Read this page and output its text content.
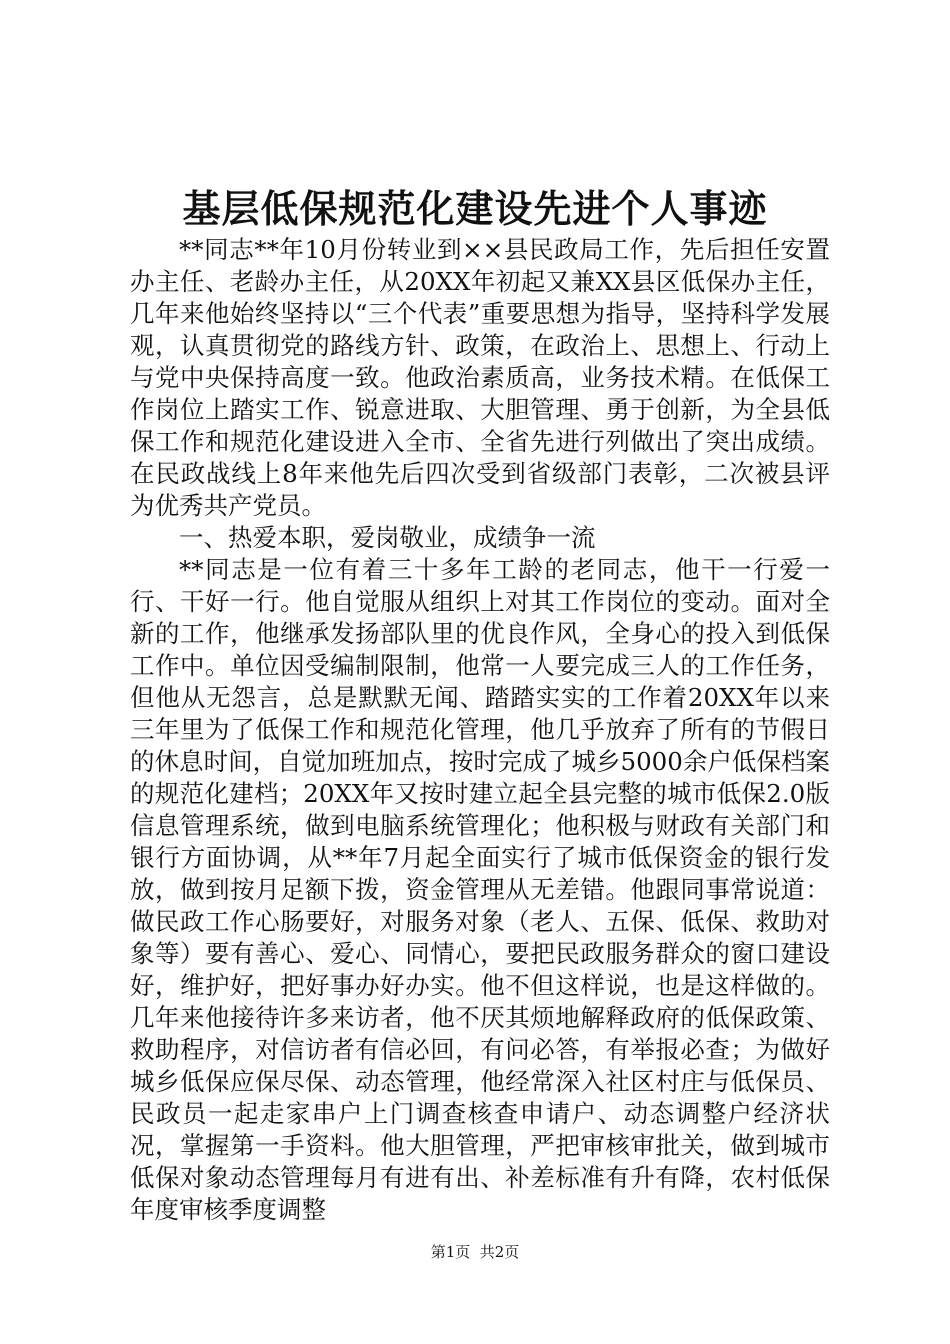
基层低保规范化建设先进个人事迹

**同志**年10月份转业到××县民政局工作，先后担任安置办主任、老龄办主任，从20XX年初起又兼XX县区低保办主任，几年来他始终坚持以“三个代表”重要思想为指导，坚持科学发展观，认真贯彻党的路线方针、政策，在政治上、思想上、行动上与党中央保持高度一致。他政治素质高，业务技术精。在低保工作岗位上踏实工作、锐意进取、大胆管理、勇于创新，为全县低保工作和规范化建设进入全市、全省先进行列做出了突出成绩。在民政战线上8年来他先后四次受到省级部门表彰，二次被县评为优秀共产党员。

一、热爱本职，爱岗敬业，成绩争一流

**同志是一位有着三十多年工龄的老同志，他干一行爱一行、干好一行。他自觉服从组织上对其工作岗位的变动。面对全新的工作，他继承发扬部队里的优良作风，全身心的投入到低保工作中。单位因受编制限制，他常一人要完成三人的工作任务，但他从无怨言，总是默默无闻、踏踏实实的工作着20XX年以来三年里为了低保工作和规范化管理，他几乎放弃了所有的节假日的休息时间，自觉加班加点，按时完成了城乡5000余户低保档案的规范化建档；20XX年又按时建立起全县完整的城市低保2.0版信息管理系统，做到电脑系统管理化；他积极与财政有关部门和银行方面协调，从**年7月起全面实行了城市低保资金的银行发放，做到按月足额下拨，资金管理从无差错。他跟同事常说道：做民政工作心肠要好，对服务对象（老人、五保、低保、救助对象等）要有善心、爱心、同情心，要把民政服务群众的窗口建设好，维护好，把好事办好办实。他不但这样说，也是这样做的。几年来他接待许多来访者，他不厌其烦地解释政府的低保政策、救助程序，对信访者有信必回，有问必答，有举报必查；为做好城乡低保应保尽保、动态管理，他经常深入社区村庄与低保员、民政员一起走家串户上门调查核查申请户、动态调整户经济状况，掌握第一手资料。他大胆管理，严把审核审批关，做到城市低保对象动态管理每月有进有出、补差标准有升有降，农村低保年度审核季度调整

第1页  共2页
